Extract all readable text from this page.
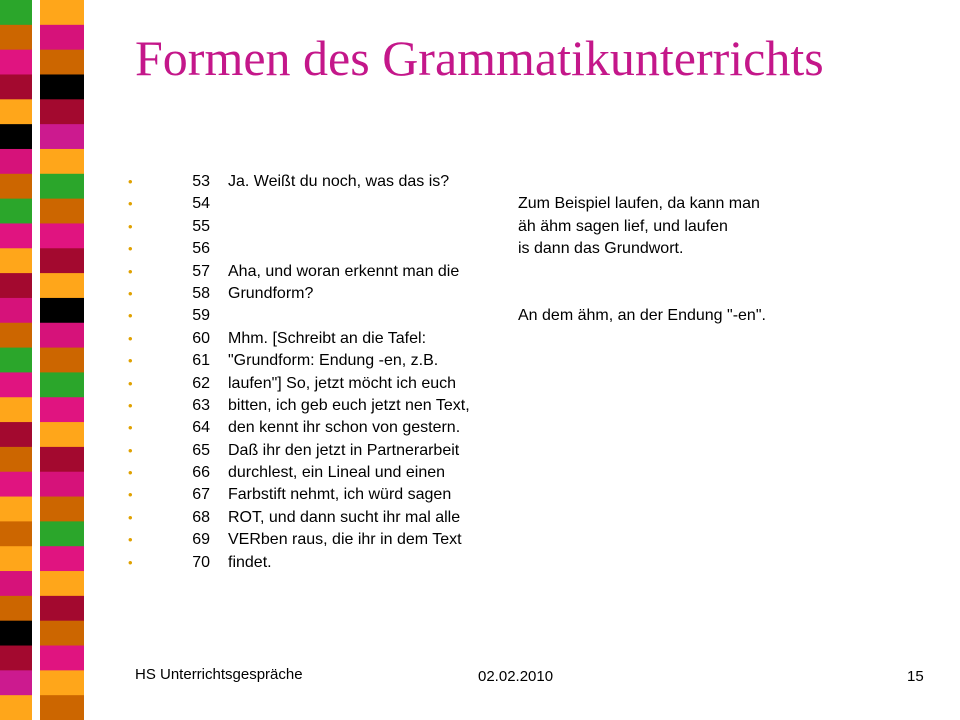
Formen des Grammatikunterrichts
•	53 Ja. Weißt du noch, was das is?
•	54	Zum Beispiel laufen, da kann man
•	55	äh ähm sagen lief, und laufen
•	56	is dann das Grundwort.
•	57 Aha, und woran erkennt man die
•	58 Grundform?
•	59	An dem ähm, an der Endung "-en".
•	60 Mhm. [Schreibt an die Tafel:
•	61 "Grundform: Endung -en, z.B.
•	62 laufen"] So, jetzt möcht ich euch
•	63 bitten, ich geb euch jetzt nen Text,
•	64 den kennt ihr schon von gestern.
•	65 Daß ihr den jetzt in Partnerarbeit
•	66 durchlest, ein Lineal und einen
•	67 Farbstift nehmt, ich würd sagen
•	68 ROT, und dann sucht ihr mal alle
•	69 VERben raus, die ihr in dem Text
•	70 findet.
HS Unterrichtsgespräche	02.02.2010	15
